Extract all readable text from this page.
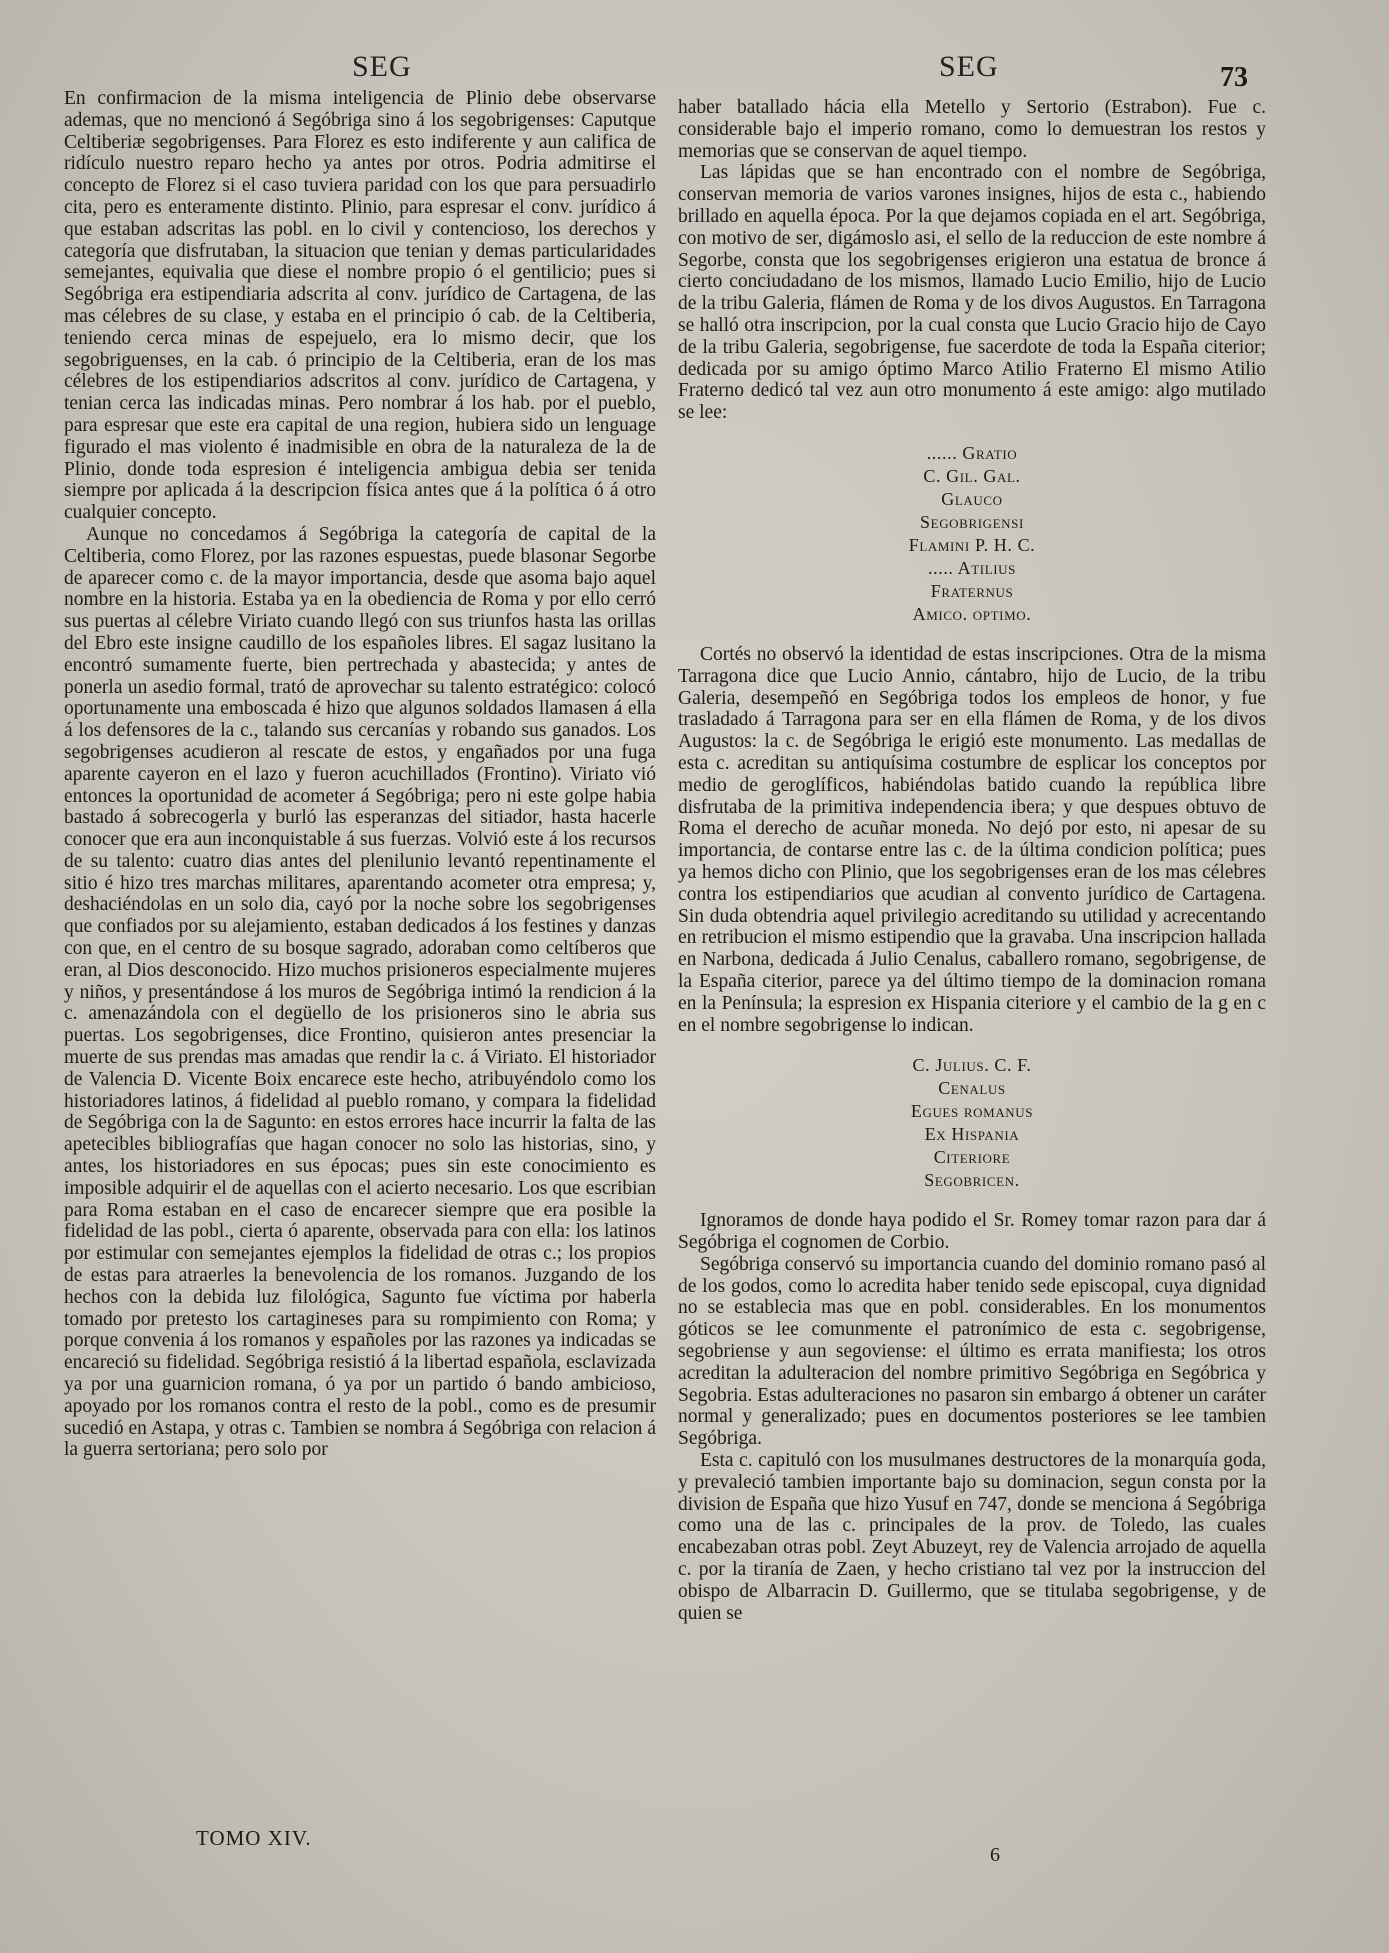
SEG	SEG	73

En confirmacion de la misma inteligencia de Plinio debe observarse ademas, que no mencionó á Segóbriga sino á los segobrigenses: Caputque Celtiberiæ segobrigenses. Para Florez es esto indiferente y aun califica de ridículo nuestro reparo hecho ya antes por otros. Podria admitirse el concepto de Florez si el caso tuviera paridad con los que para persuadirlo cita, pero es enteramente distinto. Plinio, para espresar el conv. jurídico á que estaban adscritas las pobl. en lo civil y contencioso, los derechos y categoría que disfrutaban, la situacion que tenian y demas particularidades semejantes, equivalia que diese el nombre propio ó el gentilicio; pues si Segóbriga era estipendiaria adscrita al conv. jurídico de Cartagena, de las mas célebres de su clase, y estaba en el principio ó cab. de la Celtiberia, teniendo cerca minas de espejuelo, era lo mismo decir, que los segobriguenses, en la cab. ó principio de la Celtiberia, eran de los mas célebres de los estipendiarios adscritos al conv. jurídico de Cartagena, y tenian cerca las indicadas minas. Pero nombrar á los hab. por el pueblo, para espresar que este era capital de una region, hubiera sido un lenguage figurado el mas violento é inadmisible en obra de la naturaleza de la de Plinio, donde toda espresion é inteligencia ambigua debia ser tenida siempre por aplicada á la descripcion física antes que á la política ó á otro cualquier concepto.

Aunque no concedamos á Segóbriga la categoría de capital de la Celtiberia, como Florez, por las razones espuestas, puede blasonar Segorbe de aparecer como c. de la mayor importancia, desde que asoma bajo aquel nombre en la historia. Estaba ya en la obediencia de Roma y por ello cerró sus puertas al célebre Viriato cuando llegó con sus triunfos hasta las orillas del Ebro este insigne caudillo de los españoles libres. El sagaz lusitano la encontró sumamente fuerte, bien pertrechada y abastecida; y antes de ponerla un asedio formal, trató de aprovechar su talento estratégico: colocó oportunamente una emboscada é hizo que algunos soldados llamasen á ella á los defensores de la c., talando sus cercanías y robando sus ganados. Los segobrigenses acudieron al rescate de estos, y engañados por una fuga aparente cayeron en el lazo y fueron acuchillados (Frontino). Viriato vió entonces la oportunidad de acometer á Segóbriga; pero ni este golpe habia bastado á sobrecogerla y burló las esperanzas del sitiador, hasta hacerle conocer que era aun inconquistable á sus fuerzas. Volvió este á los recursos de su talento: cuatro dias antes del plenilunio levantó repentinamente el sitio é hizo tres marchas militares, aparentando acometer otra empresa; y, deshaciéndolas en un solo dia, cayó por la noche sobre los segobrigenses que confiados por su alejamiento, estaban dedicados á los festines y danzas con que, en el centro de su bosque sagrado, adoraban como celtíberos que eran, al Dios desconocido. Hizo muchos prisioneros especialmente mujeres y niños, y presentándose á los muros de Segóbriga intimó la rendicion á la c. amenazándola con el degüello de los prisioneros sino le abria sus puertas. Los segobrigenses, dice Frontino, quisieron antes presenciar la muerte de sus prendas mas amadas que rendir la c. á Viriato. El historiador de Valencia D. Vicente Boix encarece este hecho, atribuyéndolo como los historiadores latinos, á fidelidad al pueblo romano, y compara la fidelidad de Segóbriga con la de Sagunto: en estos errores hace incurrir la falta de las apetecibles bibliografías que hagan conocer no solo las historias, sino, y antes, los historiadores en sus épocas; pues sin este conocimiento es imposible adquirir el de aquellas con el acierto necesario. Los que escribian para Roma estaban en el caso de encarecer siempre que era posible la fidelidad de las pobl., cierta ó aparente, observada para con ella: los latinos por estimular con semejantes ejemplos la fidelidad de otras c.; los propios de estas para atraerles la benevolencia de los romanos. Juzgando de los hechos con la debida luz filológica, Sagunto fue víctima por haberla tomado por pretesto los cartagineses para su rompimiento con Roma; y porque convenia á los romanos y españoles por las razones ya indicadas se encareció su fidelidad. Segóbriga resistió á la libertad española, esclavizada ya por una guarnicion romana, ó ya por un partido ó bando ambicioso, apoyado por los romanos contra el resto de la pobl., como es de presumir sucedió en Astapa, y otras c. Tambien se nombra á Segóbriga con relacion á la guerra sertoriana; pero solo por

haber batallado hácia ella Metello y Sertorio (Estrabon). Fue c. considerable bajo el imperio romano, como lo demuestran los restos y memorias que se conservan de aquel tiempo.

Las lápidas que se han encontrado con el nombre de Segóbriga, conservan memoria de varios varones insignes, hijos de esta c., habiendo brillado en aquella época. Por la que dejamos copiada en el art. Segóbriga, con motivo de ser, digámoslo asi, el sello de la reduccion de este nombre á Segorbe, consta que los segobrigenses erigieron una estatua de bronce á cierto conciudadano de los mismos, llamado Lucio Emilio, hijo de Lucio de la tribu Galeria, flámen de Roma y de los divos Augustos. En Tarragona se halló otra inscripcion, por la cual consta que Lucio Gracio hijo de Cayo de la tribu Galeria, segobrigense, fue sacerdote de toda la España citerior; dedicada por su amigo óptimo Marco Atilio Fraterno El mismo Atilio Fraterno dedicó tal vez aun otro monumento á este amigo: algo mutilado se lee:

...... Gratio
C. Gil. Gal.
Glauco
Segobrigensi
Flamini P. H. C.
..... Atilius
Fraternus
Amico. optimo.

Cortés no observó la identidad de estas inscripciones. Otra de la misma Tarragona dice que Lucio Annio, cántabro, hijo de Lucio, de la tribu Galeria, desempeñó en Segóbriga todos los empleos de honor, y fue trasladado á Tarragona para ser en ella flámen de Roma, y de los divos Augustos: la c. de Segóbriga le erigió este monumento. Las medallas de esta c. acreditan su antiquísima costumbre de esplicar los conceptos por medio de geroglíficos, habiéndolas batido cuando la república libre disfrutaba de la primitiva independencia ibera; y que despues obtuvo de Roma el derecho de acuñar moneda. No dejó por esto, ni apesar de su importancia, de contarse entre las c. de la última condicion política; pues ya hemos dicho con Plinio, que los segobrigenses eran de los mas célebres contra los estipendiarios que acudian al convento jurídico de Cartagena. Sin duda obtendria aquel privilegio acreditando su utilidad y acrecentando en retribucion el mismo estipendio que la gravaba. Una inscripcion hallada en Narbona, dedicada á Julio Cenalus, caballero romano, segobrigense, de la España citerior, parece ya del último tiempo de la dominacion romana en la Península; la espresion ex Hispania citeriore y el cambio de la g en c en el nombre segobrigense lo indican.

C. Julius. C. F.
Cenalus
Egues romanus
Ex Hispania
Citeriore
Segobricen.

Ignoramos de donde haya podido el Sr. Romey tomar razon para dar á Segóbriga el cognomen de Corbio.

Segóbriga conservó su importancia cuando del dominio romano pasó al de los godos, como lo acredita haber tenido sede episcopal, cuya dignidad no se establecia mas que en pobl. considerables. En los monumentos góticos se lee comunmente el patronímico de esta c. segobrigense, segobriense y aun segoviense: el último es errata manifiesta; los otros acreditan la adulteracion del nombre primitivo Segóbriga en Segóbrica y Segobria. Estas adulteraciones no pasaron sin embargo á obtener un caráter normal y generalizado; pues en documentos posteriores se lee tambien Segóbriga.

Esta c. capituló con los musulmanes destructores de la monarquía goda, y prevaleció tambien importante bajo su dominacion, segun consta por la division de España que hizo Yusuf en 747, donde se menciona á Segóbriga como una de las c. principales de la prov. de Toledo, las cuales encabezaban otras pobl. Zeyt Abuzeyt, rey de Valencia arrojado de aquella c. por la tiranía de Zaen, y hecho cristiano tal vez por la instruccion del obispo de Albarracin D. Guillermo, que se titulaba segobrigense, y de quien se

TOMO XIV.
6
